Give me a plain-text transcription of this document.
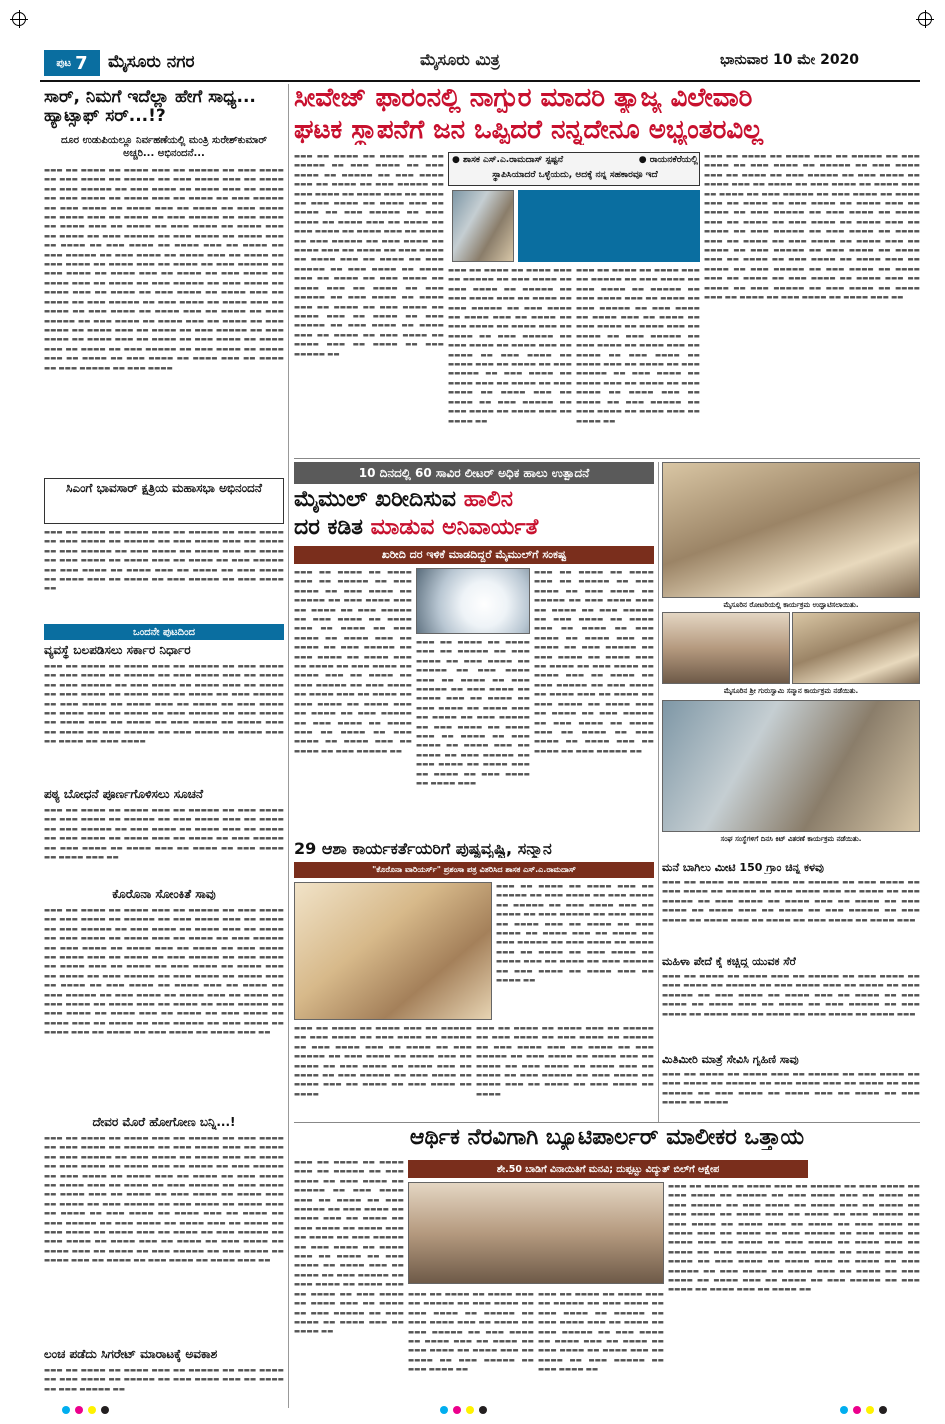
ಪುಟ 7 ಮೈಸೂರು ನಗರ	ಮೈಸೂರು ಮಿತ್ರ	ಭಾನುವಾರ 10 ಮೇ 2020
ಸಾರ್, ನಿಮಗೆ ಇದೆಲ್ಲಾ ಹೇಗೆ ಸಾಧ್ಯ... ಹ್ಯಾಟ್ಸಾಫ್ ಸರ್...!?
ದೂರ ಉಡುಪಿಯಲ್ಲೂ ನಿರ್ವಹಣೆಯಲ್ಲಿ ಮಂತ್ರಿ ಸುರೇಶ್‌ಕುಮಾರ್ ಅಚ್ಚರಿ... ಅಭಿನಂದನೆ...
▬▬▬ ▬▬ ▬▬▬▬ ▬▬ ▬▬▬▬ ▬▬▬ ▬▬ ▬▬▬▬▬ ▬▬ ▬▬▬ ▬▬▬▬ ▬▬ ▬▬▬ ▬▬▬▬ ▬▬ ▬▬▬▬▬ ▬▬ ▬▬▬ ▬▬▬▬ ▬▬▬ ▬▬ ▬▬▬▬ ▬▬ ▬▬▬ ▬▬▬▬▬ ▬▬ ▬▬▬ ▬▬▬▬ ▬▬ ▬▬▬▬ ▬▬▬ ▬▬ ▬▬▬▬ ▬▬ ▬▬▬ ▬▬▬▬ ▬▬ ▬▬▬▬ ▬▬▬ ▬▬ ▬▬▬▬ ▬▬ ▬▬▬ ▬▬▬▬▬ ▬▬ ▬▬▬ ▬▬▬▬ ▬▬ ▬▬▬▬ ▬▬▬ ▬▬ ▬▬▬▬ ▬▬ ▬▬▬ ▬▬▬▬ ▬▬ ▬▬▬▬ ▬▬▬ ▬▬ ▬▬▬▬ ▬▬ ▬▬▬ ▬▬▬▬▬ ▬▬ ▬▬▬ ▬▬▬▬ ▬▬ ▬▬▬▬ ▬▬▬ ▬▬ ▬▬▬▬ ▬▬ ▬▬▬ ▬▬▬▬ ▬▬ ▬▬▬▬ ▬▬▬ ▬▬ ▬▬▬▬ ▬▬ ▬▬▬ ▬▬▬▬▬ ▬▬ ▬▬▬ ▬▬▬▬ ▬▬ ▬▬▬▬ ▬▬▬ ▬▬ ▬▬▬▬ ▬▬ ▬▬▬ ▬▬▬▬ ▬▬ ▬▬▬▬ ▬▬▬ ▬▬ ▬▬▬▬ ▬▬ ▬▬▬ ▬▬▬▬▬ ▬▬ ▬▬▬ ▬▬▬▬ ▬▬ ▬▬▬▬ ▬▬▬ ▬▬ ▬▬▬▬ ▬▬ ▬▬▬ ▬▬▬▬ ▬▬ ▬▬▬▬ ▬▬▬ ▬▬ ▬▬▬▬ ▬▬ ▬▬▬ ▬▬▬▬▬ ▬▬ ▬▬▬ ▬▬▬▬ ▬▬ ▬▬▬▬ ▬▬▬ ▬▬ ▬▬▬▬ ▬▬ ▬▬▬ ▬▬▬▬ ▬▬ ▬▬▬▬ ▬▬▬ ▬▬ ▬▬▬▬ ▬▬ ▬▬▬ ▬▬▬▬▬ ▬▬ ▬▬▬ ▬▬▬▬ ▬▬ ▬▬▬▬ ▬▬▬ ▬▬ ▬▬▬▬ ▬▬ ▬▬▬ ▬▬▬▬ ▬▬ ▬▬▬▬ ▬▬▬ ▬▬ ▬▬▬▬ ▬▬ ▬▬▬ ▬▬▬▬▬ ▬▬ ▬▬▬ ▬▬▬▬ ▬▬ ▬▬▬▬ ▬▬▬ ▬▬ ▬▬▬▬ ▬▬ ▬▬▬ ▬▬▬▬ ▬▬ ▬▬▬▬ ▬▬▬ ▬▬ ▬▬▬▬ ▬▬ ▬▬▬ ▬▬▬▬▬ ▬▬ ▬▬▬ ▬▬▬▬ ▬▬ ▬▬▬▬ ▬▬▬ ▬▬ ▬▬▬▬ ▬▬ ▬▬▬ ▬▬▬▬ ▬▬ ▬▬▬▬ ▬▬▬ ▬▬ ▬▬▬▬ ▬▬ ▬▬▬ ▬▬▬▬▬ ▬▬ ▬▬▬ ▬▬▬▬ ▬▬ ▬▬▬▬ ▬▬▬ ▬▬ ▬▬▬▬ ▬▬ ▬▬▬ ▬▬▬▬ ▬▬ ▬▬▬▬ ▬▬▬ ▬▬ ▬▬▬▬ ▬▬ ▬▬▬ ▬▬▬▬▬ ▬▬ ▬▬▬ ▬▬▬▬ ▬▬ ▬▬▬▬ ▬▬▬ ▬▬ ▬▬▬▬ ▬▬ ▬▬▬ ▬▬▬▬ ▬▬ ▬▬▬▬ ▬▬▬ ▬▬ ▬▬▬▬ ▬▬ ▬▬▬ ▬▬▬▬▬ ▬▬ ▬▬▬ ▬▬▬▬
ಸಿಎಂಗೆ ಭಾವಸಾರ್ ಕ್ಷತ್ರಿಯ ಮಹಾಸಭಾ ಅಭಿನಂದನೆ
▬▬▬ ▬▬ ▬▬▬▬ ▬▬ ▬▬▬▬ ▬▬▬ ▬▬ ▬▬▬▬▬ ▬▬ ▬▬▬ ▬▬▬▬ ▬▬ ▬▬▬ ▬▬▬▬ ▬▬ ▬▬▬▬▬ ▬▬ ▬▬▬ ▬▬▬▬ ▬▬▬ ▬▬ ▬▬▬▬ ▬▬ ▬▬▬ ▬▬▬▬▬ ▬▬ ▬▬▬ ▬▬▬▬ ▬▬ ▬▬▬▬ ▬▬▬ ▬▬ ▬▬▬▬ ▬▬ ▬▬▬ ▬▬▬▬ ▬▬ ▬▬▬▬ ▬▬▬ ▬▬ ▬▬▬▬ ▬▬ ▬▬▬ ▬▬▬▬▬ ▬▬ ▬▬▬ ▬▬▬▬ ▬▬ ▬▬▬▬ ▬▬▬ ▬▬ ▬▬▬▬ ▬▬ ▬▬▬ ▬▬▬▬ ▬▬ ▬▬▬▬ ▬▬▬ ▬▬ ▬▬▬▬ ▬▬ ▬▬▬ ▬▬▬▬▬ ▬▬ ▬▬▬ ▬▬▬▬ ▬▬
ಒಂದನೇ ಪುಟದಿಂದ
ವ್ಯವಸ್ಥೆ ಬಲಪಡಿಸಲು ಸರ್ಕಾರ ನಿರ್ಧಾರ
▬▬▬ ▬▬ ▬▬▬▬ ▬▬ ▬▬▬▬ ▬▬▬ ▬▬ ▬▬▬▬▬ ▬▬ ▬▬▬ ▬▬▬▬ ▬▬ ▬▬▬ ▬▬▬▬ ▬▬ ▬▬▬▬▬ ▬▬ ▬▬▬ ▬▬▬▬ ▬▬▬ ▬▬ ▬▬▬▬ ▬▬ ▬▬▬ ▬▬▬▬▬ ▬▬ ▬▬▬ ▬▬▬▬ ▬▬ ▬▬▬▬ ▬▬▬ ▬▬ ▬▬▬▬ ▬▬ ▬▬▬ ▬▬▬▬ ▬▬ ▬▬▬▬ ▬▬▬ ▬▬ ▬▬▬▬ ▬▬ ▬▬▬ ▬▬▬▬▬ ▬▬ ▬▬▬ ▬▬▬▬ ▬▬ ▬▬▬▬ ▬▬▬ ▬▬ ▬▬▬▬ ▬▬ ▬▬▬ ▬▬▬▬ ▬▬ ▬▬▬▬ ▬▬▬ ▬▬ ▬▬▬▬ ▬▬ ▬▬▬ ▬▬▬▬▬ ▬▬ ▬▬▬ ▬▬▬▬ ▬▬ ▬▬▬▬ ▬▬▬ ▬▬ ▬▬▬▬ ▬▬ ▬▬▬ ▬▬▬▬ ▬▬ ▬▬▬▬ ▬▬▬ ▬▬ ▬▬▬▬ ▬▬ ▬▬▬ ▬▬▬▬▬ ▬▬ ▬▬▬ ▬▬▬▬ ▬▬ ▬▬▬▬ ▬▬▬ ▬▬ ▬▬▬▬ ▬▬ ▬▬▬ ▬▬▬▬
ಪಠ್ಯ ಬೋಧನೆ ಪೂರ್ಣಗೊಳಿಸಲು ಸೂಚನೆ
▬▬▬ ▬▬ ▬▬▬▬ ▬▬ ▬▬▬▬ ▬▬▬ ▬▬ ▬▬▬▬▬ ▬▬ ▬▬▬ ▬▬▬▬ ▬▬ ▬▬▬ ▬▬▬▬ ▬▬ ▬▬▬▬▬ ▬▬ ▬▬▬ ▬▬▬▬ ▬▬▬ ▬▬ ▬▬▬▬ ▬▬ ▬▬▬ ▬▬▬▬▬ ▬▬ ▬▬▬ ▬▬▬▬ ▬▬ ▬▬▬▬ ▬▬▬ ▬▬ ▬▬▬▬ ▬▬ ▬▬▬ ▬▬▬▬ ▬▬ ▬▬▬▬ ▬▬▬ ▬▬ ▬▬▬▬ ▬▬ ▬▬▬ ▬▬▬▬▬ ▬▬ ▬▬▬ ▬▬▬▬ ▬▬ ▬▬▬▬ ▬▬▬ ▬▬ ▬▬▬▬ ▬▬ ▬▬▬ ▬▬▬▬ ▬▬ ▬▬▬▬ ▬▬▬ ▬▬
ಕೊರೊನಾ ಸೋಂಕಿತೆ ಸಾವು
▬▬▬ ▬▬ ▬▬▬▬ ▬▬ ▬▬▬▬ ▬▬▬ ▬▬ ▬▬▬▬▬ ▬▬ ▬▬▬ ▬▬▬▬ ▬▬ ▬▬▬ ▬▬▬▬ ▬▬ ▬▬▬▬▬ ▬▬ ▬▬▬ ▬▬▬▬ ▬▬▬ ▬▬ ▬▬▬▬ ▬▬ ▬▬▬ ▬▬▬▬▬ ▬▬ ▬▬▬ ▬▬▬▬ ▬▬ ▬▬▬▬ ▬▬▬ ▬▬ ▬▬▬▬ ▬▬ ▬▬▬ ▬▬▬▬ ▬▬ ▬▬▬▬ ▬▬▬ ▬▬ ▬▬▬▬ ▬▬ ▬▬▬ ▬▬▬▬▬ ▬▬ ▬▬▬ ▬▬▬▬ ▬▬ ▬▬▬▬ ▬▬▬ ▬▬ ▬▬▬▬ ▬▬ ▬▬▬ ▬▬▬▬ ▬▬ ▬▬▬▬ ▬▬▬ ▬▬ ▬▬▬▬ ▬▬ ▬▬▬ ▬▬▬▬▬ ▬▬ ▬▬▬ ▬▬▬▬ ▬▬ ▬▬▬▬ ▬▬▬ ▬▬ ▬▬▬▬ ▬▬ ▬▬▬ ▬▬▬▬ ▬▬ ▬▬▬▬ ▬▬▬ ▬▬ ▬▬▬▬ ▬▬ ▬▬▬ ▬▬▬▬▬ ▬▬ ▬▬▬ ▬▬▬▬ ▬▬ ▬▬▬▬ ▬▬▬ ▬▬ ▬▬▬▬ ▬▬ ▬▬▬ ▬▬▬▬ ▬▬ ▬▬▬▬ ▬▬▬ ▬▬ ▬▬▬▬ ▬▬ ▬▬▬ ▬▬▬▬▬ ▬▬ ▬▬▬ ▬▬▬▬ ▬▬ ▬▬▬▬ ▬▬▬ ▬▬ ▬▬▬▬ ▬▬ ▬▬▬ ▬▬▬▬ ▬▬ ▬▬▬▬ ▬▬▬ ▬▬ ▬▬▬▬ ▬▬ ▬▬▬ ▬▬▬▬▬ ▬▬ ▬▬▬ ▬▬▬▬ ▬▬ ▬▬▬▬ ▬▬▬ ▬▬ ▬▬▬▬ ▬▬ ▬▬▬ ▬▬▬▬ ▬▬ ▬▬▬▬ ▬▬▬ ▬▬ ▬▬▬▬ ▬▬ ▬▬▬ ▬▬▬▬▬ ▬▬ ▬▬▬ ▬▬▬▬ ▬▬ ▬▬▬▬ ▬▬▬ ▬▬ ▬▬▬▬ ▬▬ ▬▬▬ ▬▬▬▬ ▬▬ ▬▬▬▬ ▬▬▬ ▬▬
ದೇವರ ಮೊರೆ ಹೋಗೋಣ ಬನ್ನಿ...!
▬▬▬ ▬▬ ▬▬▬▬ ▬▬ ▬▬▬▬ ▬▬▬ ▬▬ ▬▬▬▬▬ ▬▬ ▬▬▬ ▬▬▬▬ ▬▬ ▬▬▬ ▬▬▬▬ ▬▬ ▬▬▬▬▬ ▬▬ ▬▬▬ ▬▬▬▬ ▬▬▬ ▬▬ ▬▬▬▬ ▬▬ ▬▬▬ ▬▬▬▬▬ ▬▬ ▬▬▬ ▬▬▬▬ ▬▬ ▬▬▬▬ ▬▬▬ ▬▬ ▬▬▬▬ ▬▬ ▬▬▬ ▬▬▬▬ ▬▬ ▬▬▬▬ ▬▬▬ ▬▬ ▬▬▬▬ ▬▬ ▬▬▬ ▬▬▬▬▬ ▬▬ ▬▬▬ ▬▬▬▬ ▬▬ ▬▬▬▬ ▬▬▬ ▬▬ ▬▬▬▬ ▬▬ ▬▬▬ ▬▬▬▬ ▬▬ ▬▬▬▬ ▬▬▬ ▬▬ ▬▬▬▬ ▬▬ ▬▬▬ ▬▬▬▬▬ ▬▬ ▬▬▬ ▬▬▬▬ ▬▬ ▬▬▬▬ ▬▬▬ ▬▬ ▬▬▬▬ ▬▬ ▬▬▬ ▬▬▬▬ ▬▬ ▬▬▬▬ ▬▬▬ ▬▬ ▬▬▬▬ ▬▬ ▬▬▬ ▬▬▬▬▬ ▬▬ ▬▬▬ ▬▬▬▬ ▬▬ ▬▬▬▬ ▬▬▬ ▬▬ ▬▬▬▬ ▬▬ ▬▬▬ ▬▬▬▬ ▬▬ ▬▬▬▬ ▬▬▬ ▬▬ ▬▬▬▬ ▬▬ ▬▬▬ ▬▬▬▬▬ ▬▬ ▬▬▬ ▬▬▬▬ ▬▬ ▬▬▬▬ ▬▬▬ ▬▬ ▬▬▬▬ ▬▬ ▬▬▬ ▬▬▬▬ ▬▬ ▬▬▬▬ ▬▬▬ ▬▬ ▬▬▬▬ ▬▬ ▬▬▬ ▬▬▬▬▬ ▬▬ ▬▬▬ ▬▬▬▬ ▬▬ ▬▬▬▬ ▬▬▬ ▬▬ ▬▬▬▬ ▬▬ ▬▬▬ ▬▬▬▬ ▬▬ ▬▬▬▬ ▬▬▬ ▬▬ ▬▬▬▬ ▬▬ ▬▬▬ ▬▬▬▬▬ ▬▬ ▬▬▬ ▬▬▬▬ ▬▬ ▬▬▬▬ ▬▬▬ ▬▬ ▬▬▬▬ ▬▬ ▬▬▬ ▬▬▬▬ ▬▬ ▬▬▬▬ ▬▬▬ ▬▬
ಲಂಚ ಪಡೆದು ಸಿಗರೇಟ್ ಮಾರಾಟಕ್ಕೆ ಅವಕಾಶ
▬▬▬ ▬▬ ▬▬▬▬ ▬▬ ▬▬▬▬ ▬▬▬ ▬▬ ▬▬▬▬▬ ▬▬ ▬▬▬ ▬▬▬▬ ▬▬ ▬▬▬ ▬▬▬▬ ▬▬ ▬▬▬▬▬ ▬▬ ▬▬▬ ▬▬▬▬ ▬▬▬ ▬▬ ▬▬▬▬ ▬▬ ▬▬▬ ▬▬▬▬▬ ▬▬
ಸೀವೇಜ್ ಫಾರಂನಲ್ಲಿ ನಾಗ್ಪುರ ಮಾದರಿ ತ್ಯಾಜ್ಯ ವಿಲೇವಾರಿ
ಘಟಕ ಸ್ಥಾಪನೆಗೆ ಜನ ಒಪ್ಪಿದರೆ ನನ್ನದೇನೂ ಅಭ್ಯಂತರವಿಲ್ಲ
▬▬▬ ▬▬ ▬▬▬▬ ▬▬ ▬▬▬▬ ▬▬▬ ▬▬ ▬▬▬▬▬ ▬▬ ▬▬▬ ▬▬▬▬ ▬▬ ▬▬▬ ▬▬▬▬ ▬▬ ▬▬▬▬▬ ▬▬ ▬▬▬ ▬▬▬▬ ▬▬▬ ▬▬ ▬▬▬▬ ▬▬ ▬▬▬ ▬▬▬▬▬ ▬▬ ▬▬▬ ▬▬▬▬ ▬▬ ▬▬▬▬ ▬▬▬ ▬▬ ▬▬▬▬ ▬▬ ▬▬▬ ▬▬▬▬ ▬▬ ▬▬▬▬ ▬▬▬ ▬▬ ▬▬▬▬ ▬▬ ▬▬▬ ▬▬▬▬▬ ▬▬ ▬▬▬ ▬▬▬▬ ▬▬ ▬▬▬▬ ▬▬▬ ▬▬ ▬▬▬▬ ▬▬ ▬▬▬ ▬▬▬▬ ▬▬ ▬▬▬▬ ▬▬▬ ▬▬ ▬▬▬▬ ▬▬ ▬▬▬ ▬▬▬▬▬ ▬▬ ▬▬▬ ▬▬▬▬ ▬▬ ▬▬▬▬ ▬▬▬ ▬▬ ▬▬▬▬ ▬▬ ▬▬▬ ▬▬▬▬ ▬▬ ▬▬▬▬ ▬▬▬ ▬▬ ▬▬▬▬ ▬▬ ▬▬▬ ▬▬▬▬▬ ▬▬ ▬▬▬ ▬▬▬▬ ▬▬ ▬▬▬▬ ▬▬▬ ▬▬ ▬▬▬▬ ▬▬ ▬▬▬ ▬▬▬▬ ▬▬ ▬▬▬▬ ▬▬▬ ▬▬ ▬▬▬▬ ▬▬ ▬▬▬ ▬▬▬▬▬ ▬▬ ▬▬▬ ▬▬▬▬ ▬▬ ▬▬▬▬ ▬▬▬ ▬▬ ▬▬▬▬ ▬▬ ▬▬▬ ▬▬▬▬ ▬▬ ▬▬▬▬ ▬▬▬ ▬▬ ▬▬▬▬ ▬▬ ▬▬▬ ▬▬▬▬▬ ▬▬ ▬▬▬ ▬▬▬▬ ▬▬ ▬▬▬▬ ▬▬▬ ▬▬ ▬▬▬▬ ▬▬ ▬▬▬ ▬▬▬▬ ▬▬ ▬▬▬▬ ▬▬▬ ▬▬ ▬▬▬▬ ▬▬ ▬▬▬ ▬▬▬▬▬ ▬▬
● ಶಾಸಕ ಎಸ್.ಎ.ರಾಮದಾಸ್ ಸ್ಪಷ್ಟನೆ	● ರಾಯನಕೆರೆಯಲ್ಲಿ
ಸ್ಥಾಪಿಸಿಯಾದರೆ ಒಳ್ಳೆಯದು, ಅದಕ್ಕೆ ನನ್ನ ಸಹಕಾರವೂ ಇದೆ
▬▬▬ ▬▬ ▬▬▬▬ ▬▬ ▬▬▬▬ ▬▬▬ ▬▬ ▬▬▬▬▬ ▬▬ ▬▬▬ ▬▬▬▬ ▬▬ ▬▬▬ ▬▬▬▬ ▬▬ ▬▬▬▬▬ ▬▬ ▬▬▬ ▬▬▬▬ ▬▬▬ ▬▬ ▬▬▬▬ ▬▬ ▬▬▬ ▬▬▬▬▬ ▬▬ ▬▬▬ ▬▬▬▬ ▬▬ ▬▬▬▬ ▬▬▬ ▬▬ ▬▬▬▬ ▬▬ ▬▬▬ ▬▬▬▬ ▬▬ ▬▬▬▬ ▬▬▬ ▬▬ ▬▬▬▬ ▬▬ ▬▬▬ ▬▬▬▬▬ ▬▬ ▬▬▬ ▬▬▬▬ ▬▬ ▬▬▬▬ ▬▬▬ ▬▬ ▬▬▬▬ ▬▬ ▬▬▬ ▬▬▬▬ ▬▬ ▬▬▬▬ ▬▬▬ ▬▬ ▬▬▬▬ ▬▬ ▬▬▬ ▬▬▬▬▬ ▬▬ ▬▬▬ ▬▬▬▬ ▬▬ ▬▬▬▬ ▬▬▬ ▬▬ ▬▬▬▬ ▬▬ ▬▬▬ ▬▬▬▬ ▬▬ ▬▬▬▬ ▬▬▬ ▬▬ ▬▬▬▬ ▬▬ ▬▬▬ ▬▬▬▬▬ ▬▬ ▬▬▬ ▬▬▬▬ ▬▬ ▬▬▬▬ ▬▬▬ ▬▬ ▬▬▬▬ ▬▬
▬▬▬ ▬▬ ▬▬▬▬ ▬▬ ▬▬▬▬ ▬▬▬ ▬▬ ▬▬▬▬▬ ▬▬ ▬▬▬ ▬▬▬▬ ▬▬ ▬▬▬ ▬▬▬▬ ▬▬ ▬▬▬▬▬ ▬▬ ▬▬▬ ▬▬▬▬ ▬▬▬ ▬▬ ▬▬▬▬ ▬▬ ▬▬▬ ▬▬▬▬▬ ▬▬ ▬▬▬ ▬▬▬▬ ▬▬ ▬▬▬▬ ▬▬▬ ▬▬ ▬▬▬▬ ▬▬ ▬▬▬ ▬▬▬▬ ▬▬ ▬▬▬▬ ▬▬▬ ▬▬ ▬▬▬▬ ▬▬ ▬▬▬ ▬▬▬▬▬ ▬▬ ▬▬▬ ▬▬▬▬ ▬▬ ▬▬▬▬ ▬▬▬ ▬▬ ▬▬▬▬ ▬▬ ▬▬▬ ▬▬▬▬ ▬▬ ▬▬▬▬ ▬▬▬ ▬▬ ▬▬▬▬ ▬▬ ▬▬▬ ▬▬▬▬▬ ▬▬ ▬▬▬ ▬▬▬▬ ▬▬ ▬▬▬▬ ▬▬▬ ▬▬ ▬▬▬▬ ▬▬ ▬▬▬ ▬▬▬▬ ▬▬ ▬▬▬▬ ▬▬▬ ▬▬ ▬▬▬▬ ▬▬ ▬▬▬ ▬▬▬▬▬ ▬▬ ▬▬▬ ▬▬▬▬ ▬▬ ▬▬▬▬ ▬▬▬ ▬▬ ▬▬▬▬ ▬▬
▬▬▬ ▬▬ ▬▬▬▬ ▬▬ ▬▬▬▬ ▬▬▬ ▬▬ ▬▬▬▬▬ ▬▬ ▬▬▬ ▬▬▬▬ ▬▬ ▬▬▬ ▬▬▬▬ ▬▬ ▬▬▬▬▬ ▬▬ ▬▬▬ ▬▬▬▬ ▬▬▬ ▬▬ ▬▬▬▬ ▬▬ ▬▬▬ ▬▬▬▬▬ ▬▬ ▬▬▬ ▬▬▬▬ ▬▬ ▬▬▬▬ ▬▬▬ ▬▬ ▬▬▬▬ ▬▬ ▬▬▬ ▬▬▬▬ ▬▬ ▬▬▬▬ ▬▬▬ ▬▬ ▬▬▬▬ ▬▬ ▬▬▬ ▬▬▬▬▬ ▬▬ ▬▬▬ ▬▬▬▬ ▬▬ ▬▬▬▬ ▬▬▬ ▬▬ ▬▬▬▬ ▬▬ ▬▬▬ ▬▬▬▬ ▬▬ ▬▬▬▬ ▬▬▬ ▬▬ ▬▬▬▬ ▬▬ ▬▬▬ ▬▬▬▬▬ ▬▬ ▬▬▬ ▬▬▬▬ ▬▬ ▬▬▬▬ ▬▬▬ ▬▬ ▬▬▬▬ ▬▬ ▬▬▬ ▬▬▬▬ ▬▬ ▬▬▬▬ ▬▬▬ ▬▬ ▬▬▬▬ ▬▬ ▬▬▬ ▬▬▬▬▬ ▬▬ ▬▬▬ ▬▬▬▬ ▬▬ ▬▬▬▬ ▬▬▬ ▬▬ ▬▬▬▬ ▬▬ ▬▬▬ ▬▬▬▬ ▬▬ ▬▬▬▬ ▬▬▬ ▬▬ ▬▬▬▬ ▬▬ ▬▬▬ ▬▬▬▬▬ ▬▬ ▬▬▬ ▬▬▬▬ ▬▬ ▬▬▬▬ ▬▬▬ ▬▬ ▬▬▬▬ ▬▬ ▬▬▬ ▬▬▬▬ ▬▬ ▬▬▬▬ ▬▬▬ ▬▬ ▬▬▬▬ ▬▬ ▬▬▬ ▬▬▬▬▬ ▬▬ ▬▬▬ ▬▬▬▬ ▬▬ ▬▬▬▬ ▬▬▬ ▬▬ ▬▬▬▬ ▬▬ ▬▬▬ ▬▬▬▬ ▬▬ ▬▬▬▬ ▬▬▬ ▬▬ ▬▬▬▬ ▬▬ ▬▬▬ ▬▬▬▬▬ ▬▬ ▬▬▬ ▬▬▬▬ ▬▬ ▬▬▬▬ ▬▬▬ ▬▬ ▬▬▬▬ ▬▬ ▬▬▬ ▬▬▬▬ ▬▬ ▬▬▬▬ ▬▬▬ ▬▬
10 ದಿನದಲ್ಲಿ 60 ಸಾವಿರ ಲೀಟರ್ ಅಧಿಕ ಹಾಲು ಉತ್ಪಾದನೆ
ಮೈಮುಲ್ ಖರೀದಿಸುವ ಹಾಲಿನ
ದರ ಕಡಿತ ಮಾಡುವ ಅನಿವಾರ್ಯತೆ
ಖರೀದಿ ದರ ಇಳಿಕೆ ಮಾಡದಿದ್ದರೆ ಮೈಮುಲ್‌ಗೆ ಸಂಕಷ್ಟ
▬▬▬ ▬▬ ▬▬▬▬ ▬▬ ▬▬▬▬ ▬▬▬ ▬▬ ▬▬▬▬▬ ▬▬ ▬▬▬ ▬▬▬▬ ▬▬ ▬▬▬ ▬▬▬▬ ▬▬ ▬▬▬▬▬ ▬▬ ▬▬▬ ▬▬▬▬ ▬▬▬ ▬▬ ▬▬▬▬ ▬▬ ▬▬▬ ▬▬▬▬▬ ▬▬ ▬▬▬ ▬▬▬▬ ▬▬ ▬▬▬▬ ▬▬▬ ▬▬ ▬▬▬▬ ▬▬ ▬▬▬ ▬▬▬▬ ▬▬ ▬▬▬▬ ▬▬▬ ▬▬ ▬▬▬▬ ▬▬ ▬▬▬ ▬▬▬▬▬ ▬▬ ▬▬▬ ▬▬▬▬ ▬▬ ▬▬▬▬ ▬▬▬ ▬▬ ▬▬▬▬ ▬▬ ▬▬▬ ▬▬▬▬ ▬▬ ▬▬▬▬ ▬▬▬ ▬▬ ▬▬▬▬ ▬▬ ▬▬▬ ▬▬▬▬▬ ▬▬ ▬▬▬ ▬▬▬▬ ▬▬ ▬▬▬▬ ▬▬▬ ▬▬ ▬▬▬▬ ▬▬ ▬▬▬ ▬▬▬▬ ▬▬ ▬▬▬▬ ▬▬▬ ▬▬ ▬▬▬▬ ▬▬ ▬▬▬ ▬▬▬▬▬ ▬▬ ▬▬▬ ▬▬▬▬ ▬▬ ▬▬▬▬ ▬▬▬ ▬▬ ▬▬▬▬ ▬▬ ▬▬▬ ▬▬▬▬ ▬▬ ▬▬▬▬ ▬▬▬ ▬▬ ▬▬▬▬ ▬▬ ▬▬▬ ▬▬▬▬▬ ▬▬
▬▬▬ ▬▬ ▬▬▬▬ ▬▬ ▬▬▬▬ ▬▬▬ ▬▬ ▬▬▬▬▬ ▬▬ ▬▬▬ ▬▬▬▬ ▬▬ ▬▬▬ ▬▬▬▬ ▬▬ ▬▬▬▬▬ ▬▬ ▬▬▬ ▬▬▬▬ ▬▬▬ ▬▬ ▬▬▬▬ ▬▬ ▬▬▬ ▬▬▬▬▬ ▬▬ ▬▬▬ ▬▬▬▬ ▬▬ ▬▬▬▬ ▬▬▬ ▬▬ ▬▬▬▬ ▬▬ ▬▬▬ ▬▬▬▬ ▬▬ ▬▬▬▬ ▬▬▬ ▬▬ ▬▬▬▬ ▬▬ ▬▬▬ ▬▬▬▬▬ ▬▬ ▬▬▬ ▬▬▬▬ ▬▬ ▬▬▬▬ ▬▬▬ ▬▬ ▬▬▬▬ ▬▬ ▬▬▬ ▬▬▬▬ ▬▬ ▬▬▬▬ ▬▬▬ ▬▬ ▬▬▬▬ ▬▬ ▬▬▬ ▬▬▬▬▬ ▬▬ ▬▬▬ ▬▬▬▬ ▬▬ ▬▬▬▬ ▬▬▬ ▬▬ ▬▬▬▬ ▬▬ ▬▬▬ ▬▬▬▬ ▬▬ ▬▬▬▬ ▬▬▬
▬▬▬ ▬▬ ▬▬▬▬ ▬▬ ▬▬▬▬ ▬▬▬ ▬▬ ▬▬▬▬▬ ▬▬ ▬▬▬ ▬▬▬▬ ▬▬ ▬▬▬ ▬▬▬▬ ▬▬ ▬▬▬▬▬ ▬▬ ▬▬▬ ▬▬▬▬ ▬▬▬ ▬▬ ▬▬▬▬ ▬▬ ▬▬▬ ▬▬▬▬▬ ▬▬ ▬▬▬ ▬▬▬▬ ▬▬ ▬▬▬▬ ▬▬▬ ▬▬ ▬▬▬▬ ▬▬ ▬▬▬ ▬▬▬▬ ▬▬ ▬▬▬▬ ▬▬▬ ▬▬ ▬▬▬▬ ▬▬ ▬▬▬ ▬▬▬▬▬ ▬▬ ▬▬▬ ▬▬▬▬ ▬▬ ▬▬▬▬ ▬▬▬ ▬▬ ▬▬▬▬ ▬▬ ▬▬▬ ▬▬▬▬ ▬▬ ▬▬▬▬ ▬▬▬ ▬▬ ▬▬▬▬ ▬▬ ▬▬▬ ▬▬▬▬▬ ▬▬ ▬▬▬ ▬▬▬▬ ▬▬ ▬▬▬▬ ▬▬▬ ▬▬ ▬▬▬▬ ▬▬ ▬▬▬ ▬▬▬▬ ▬▬ ▬▬▬▬ ▬▬▬ ▬▬ ▬▬▬▬ ▬▬ ▬▬▬ ▬▬▬▬▬ ▬▬ ▬▬▬ ▬▬▬▬ ▬▬ ▬▬▬▬ ▬▬▬ ▬▬ ▬▬▬▬ ▬▬ ▬▬▬ ▬▬▬▬ ▬▬ ▬▬▬▬ ▬▬▬ ▬▬ ▬▬▬▬ ▬▬ ▬▬▬ ▬▬▬▬▬ ▬▬
29 ಆಶಾ ಕಾರ್ಯಕರ್ತೆಯರಿಗೆ ಪುಷ್ಪವೃಷ್ಟಿ, ಸನ್ಮಾನ
"ಕೊರೊನಾ ವಾರಿಯರ್ಸ್" ಪ್ರಶಂಸಾ ಪತ್ರ ವಿತರಿಸಿದ ಶಾಸಕ ಎಸ್.ಎ.ರಾಮದಾಸ್
▬▬▬ ▬▬ ▬▬▬▬ ▬▬ ▬▬▬▬ ▬▬▬ ▬▬ ▬▬▬▬▬ ▬▬ ▬▬▬ ▬▬▬▬ ▬▬ ▬▬▬ ▬▬▬▬ ▬▬ ▬▬▬▬▬ ▬▬ ▬▬▬ ▬▬▬▬ ▬▬▬ ▬▬ ▬▬▬▬ ▬▬ ▬▬▬ ▬▬▬▬▬ ▬▬ ▬▬▬ ▬▬▬▬ ▬▬ ▬▬▬▬ ▬▬▬ ▬▬ ▬▬▬▬ ▬▬ ▬▬▬ ▬▬▬▬ ▬▬ ▬▬▬▬ ▬▬▬ ▬▬ ▬▬▬▬ ▬▬ ▬▬▬ ▬▬▬▬▬ ▬▬ ▬▬▬ ▬▬▬▬ ▬▬ ▬▬▬▬ ▬▬▬ ▬▬ ▬▬▬▬ ▬▬ ▬▬▬ ▬▬▬▬ ▬▬ ▬▬▬▬ ▬▬▬ ▬▬ ▬▬▬▬ ▬▬ ▬▬▬ ▬▬▬▬▬ ▬▬ ▬▬▬ ▬▬▬▬ ▬▬ ▬▬▬▬ ▬▬▬ ▬▬ ▬▬▬▬ ▬▬
▬▬▬ ▬▬ ▬▬▬▬ ▬▬ ▬▬▬▬ ▬▬▬ ▬▬ ▬▬▬▬▬ ▬▬ ▬▬▬ ▬▬▬▬ ▬▬ ▬▬▬ ▬▬▬▬ ▬▬ ▬▬▬▬▬ ▬▬ ▬▬▬ ▬▬▬▬ ▬▬▬ ▬▬ ▬▬▬▬ ▬▬ ▬▬▬ ▬▬▬▬▬ ▬▬ ▬▬▬ ▬▬▬▬ ▬▬ ▬▬▬▬ ▬▬▬ ▬▬ ▬▬▬▬ ▬▬ ▬▬▬ ▬▬▬▬ ▬▬ ▬▬▬▬ ▬▬▬ ▬▬ ▬▬▬▬ ▬▬ ▬▬▬ ▬▬▬▬▬ ▬▬ ▬▬▬ ▬▬▬▬ ▬▬ ▬▬▬▬ ▬▬▬ ▬▬ ▬▬▬▬ ▬▬ ▬▬▬ ▬▬▬▬ ▬▬ ▬▬▬▬
▬▬▬ ▬▬ ▬▬▬▬ ▬▬ ▬▬▬▬ ▬▬▬ ▬▬ ▬▬▬▬▬ ▬▬ ▬▬▬ ▬▬▬▬ ▬▬ ▬▬▬ ▬▬▬▬ ▬▬ ▬▬▬▬▬ ▬▬ ▬▬▬ ▬▬▬▬ ▬▬▬ ▬▬ ▬▬▬▬ ▬▬ ▬▬▬ ▬▬▬▬▬ ▬▬ ▬▬▬ ▬▬▬▬ ▬▬ ▬▬▬▬ ▬▬▬ ▬▬ ▬▬▬▬ ▬▬ ▬▬▬ ▬▬▬▬ ▬▬ ▬▬▬▬ ▬▬▬ ▬▬ ▬▬▬▬ ▬▬ ▬▬▬ ▬▬▬▬▬ ▬▬ ▬▬▬ ▬▬▬▬ ▬▬ ▬▬▬▬ ▬▬▬ ▬▬ ▬▬▬▬ ▬▬ ▬▬▬ ▬▬▬▬ ▬▬ ▬▬▬▬
ಮೈಸೂರಿನ ರೋಟರಿಯಲ್ಲಿ ಕಾರ್ಯಕ್ರಮ ಉದ್ಘಾಟಿಸಲಾಯಿತು.
ಮೈಸೂರಿನ ಶ್ರೀ ಗುರುಸ್ವಾಮಿ ಸನ್ಮಾನ ಕಾರ್ಯಕ್ರಮ ನಡೆಯಿತು.
ಸಂಘ ಸಂಸ್ಥೆಗಳಿಗೆ ದಿನಸಿ ಕಿಟ್ ವಿತರಣೆ ಕಾರ್ಯಕ್ರಮ ನಡೆಯಿತು.
ಮನೆ ಬಾಗಿಲು ಮೀಟಿ 150 ಗ್ರಾಂ ಚಿನ್ನ ಕಳವು
▬▬▬ ▬▬ ▬▬▬▬ ▬▬ ▬▬▬▬ ▬▬▬ ▬▬ ▬▬▬▬▬ ▬▬ ▬▬▬ ▬▬▬▬ ▬▬ ▬▬▬ ▬▬▬▬ ▬▬ ▬▬▬▬▬ ▬▬ ▬▬▬ ▬▬▬▬ ▬▬▬ ▬▬ ▬▬▬▬ ▬▬ ▬▬▬ ▬▬▬▬▬ ▬▬ ▬▬▬ ▬▬▬▬ ▬▬ ▬▬▬▬ ▬▬▬ ▬▬ ▬▬▬▬ ▬▬ ▬▬▬ ▬▬▬▬ ▬▬ ▬▬▬▬ ▬▬▬ ▬▬ ▬▬▬▬ ▬▬ ▬▬▬ ▬▬▬▬▬ ▬▬ ▬▬▬ ▬▬▬▬ ▬▬ ▬▬▬▬ ▬▬▬ ▬▬ ▬▬▬▬ ▬▬ ▬▬▬ ▬▬▬▬ ▬▬ ▬▬▬▬ ▬▬▬
ಮಹಿಳಾ ಪೇದೆ ಕೈ ಕಚ್ಚಿದ್ದ ಯುವಕ ಸೆರೆ
▬▬▬ ▬▬ ▬▬▬▬ ▬▬ ▬▬▬▬ ▬▬▬ ▬▬ ▬▬▬▬▬ ▬▬ ▬▬▬ ▬▬▬▬ ▬▬ ▬▬▬ ▬▬▬▬ ▬▬ ▬▬▬▬▬ ▬▬ ▬▬▬ ▬▬▬▬ ▬▬▬ ▬▬ ▬▬▬▬ ▬▬ ▬▬▬ ▬▬▬▬▬ ▬▬ ▬▬▬ ▬▬▬▬ ▬▬ ▬▬▬▬ ▬▬▬ ▬▬ ▬▬▬▬ ▬▬ ▬▬▬ ▬▬▬▬ ▬▬ ▬▬▬▬ ▬▬▬ ▬▬ ▬▬▬▬ ▬▬ ▬▬▬ ▬▬▬▬▬ ▬▬ ▬▬▬ ▬▬▬▬ ▬▬ ▬▬▬▬ ▬▬▬ ▬▬ ▬▬▬▬ ▬▬ ▬▬▬ ▬▬▬▬ ▬▬ ▬▬▬▬ ▬▬▬
ಮಿತಿಮೀರಿ ಮಾತ್ರೆ ಸೇವಿಸಿ ಗೃಹಿಣಿ ಸಾವು
▬▬▬ ▬▬ ▬▬▬▬ ▬▬ ▬▬▬▬ ▬▬▬ ▬▬ ▬▬▬▬▬ ▬▬ ▬▬▬ ▬▬▬▬ ▬▬ ▬▬▬ ▬▬▬▬ ▬▬ ▬▬▬▬▬ ▬▬ ▬▬▬ ▬▬▬▬ ▬▬▬ ▬▬ ▬▬▬▬ ▬▬ ▬▬▬ ▬▬▬▬▬ ▬▬ ▬▬▬ ▬▬▬▬ ▬▬ ▬▬▬▬ ▬▬▬ ▬▬ ▬▬▬▬ ▬▬ ▬▬▬ ▬▬▬▬ ▬▬ ▬▬▬▬
ಆರ್ಥಿಕ ನೆರವಿಗಾಗಿ ಬ್ಯೂಟಿಪಾರ್ಲರ್ ಮಾಲೀಕರ ಒತ್ತಾಯ
▬▬▬ ▬▬ ▬▬▬▬ ▬▬ ▬▬▬▬ ▬▬▬ ▬▬ ▬▬▬▬▬ ▬▬ ▬▬▬ ▬▬▬▬ ▬▬ ▬▬▬ ▬▬▬▬ ▬▬ ▬▬▬▬▬ ▬▬ ▬▬▬ ▬▬▬▬ ▬▬▬ ▬▬ ▬▬▬▬ ▬▬ ▬▬▬ ▬▬▬▬▬ ▬▬ ▬▬▬ ▬▬▬▬ ▬▬ ▬▬▬▬ ▬▬▬ ▬▬ ▬▬▬▬ ▬▬ ▬▬▬ ▬▬▬▬ ▬▬ ▬▬▬▬ ▬▬▬ ▬▬ ▬▬▬▬ ▬▬ ▬▬▬ ▬▬▬▬▬ ▬▬ ▬▬▬ ▬▬▬▬ ▬▬ ▬▬▬▬ ▬▬▬ ▬▬ ▬▬▬▬ ▬▬ ▬▬▬ ▬▬▬▬ ▬▬ ▬▬▬▬ ▬▬▬ ▬▬ ▬▬▬▬ ▬▬ ▬▬▬ ▬▬▬▬▬ ▬▬ ▬▬▬ ▬▬▬▬ ▬▬ ▬▬▬▬ ▬▬▬ ▬▬ ▬▬▬▬ ▬▬ ▬▬▬ ▬▬▬▬ ▬▬ ▬▬▬▬ ▬▬▬ ▬▬ ▬▬▬▬ ▬▬ ▬▬▬ ▬▬▬▬▬ ▬▬ ▬▬▬ ▬▬▬▬ ▬▬ ▬▬▬▬ ▬▬▬ ▬▬ ▬▬▬▬ ▬▬
ಶೇ.50 ಬಾಡಿಗೆ ವಿನಾಯಿತಿಗೆ ಮನವಿ; ದುಪ್ಪಟ್ಟು ವಿದ್ಯುತ್ ಬಿಲ್‌ಗೆ ಆಕ್ಷೇಪ
▬▬▬ ▬▬ ▬▬▬▬ ▬▬ ▬▬▬▬ ▬▬▬ ▬▬ ▬▬▬▬▬ ▬▬ ▬▬▬ ▬▬▬▬ ▬▬ ▬▬▬ ▬▬▬▬ ▬▬ ▬▬▬▬▬ ▬▬ ▬▬▬ ▬▬▬▬ ▬▬▬ ▬▬ ▬▬▬▬ ▬▬ ▬▬▬ ▬▬▬▬▬ ▬▬ ▬▬▬ ▬▬▬▬ ▬▬ ▬▬▬▬ ▬▬▬ ▬▬ ▬▬▬▬ ▬▬ ▬▬▬ ▬▬▬▬ ▬▬ ▬▬▬▬ ▬▬▬ ▬▬ ▬▬▬▬ ▬▬ ▬▬▬ ▬▬▬▬▬ ▬▬ ▬▬▬ ▬▬▬▬ ▬▬ ▬▬▬▬ ▬▬▬ ▬▬ ▬▬▬▬ ▬▬ ▬▬▬ ▬▬▬▬ ▬▬ ▬▬▬▬ ▬▬▬ ▬▬ ▬▬▬▬ ▬▬ ▬▬▬ ▬▬▬▬▬ ▬▬ ▬▬▬ ▬▬▬▬ ▬▬ ▬▬▬▬ ▬▬▬ ▬▬ ▬▬▬▬ ▬▬ ▬▬▬ ▬▬▬▬ ▬▬ ▬▬▬▬ ▬▬▬ ▬▬ ▬▬▬▬ ▬▬ ▬▬▬ ▬▬▬▬▬ ▬▬ ▬▬▬ ▬▬▬▬ ▬▬ ▬▬▬▬ ▬▬▬ ▬▬ ▬▬▬▬ ▬▬ ▬▬▬ ▬▬▬▬ ▬▬ ▬▬▬▬ ▬▬▬ ▬▬ ▬▬▬▬ ▬▬ ▬▬▬ ▬▬▬▬▬ ▬▬ ▬▬▬ ▬▬▬▬ ▬▬ ▬▬▬▬ ▬▬▬ ▬▬ ▬▬▬▬ ▬▬ ▬▬▬ ▬▬▬▬ ▬▬ ▬▬▬▬ ▬▬▬ ▬▬ ▬▬▬▬ ▬▬ ▬▬▬ ▬▬▬▬▬ ▬▬ ▬▬▬ ▬▬▬▬ ▬▬ ▬▬▬▬ ▬▬▬ ▬▬ ▬▬▬▬ ▬▬
▬▬▬ ▬▬ ▬▬▬▬ ▬▬ ▬▬▬▬ ▬▬▬ ▬▬ ▬▬▬▬▬ ▬▬ ▬▬▬ ▬▬▬▬ ▬▬ ▬▬▬ ▬▬▬▬ ▬▬ ▬▬▬▬▬ ▬▬ ▬▬▬ ▬▬▬▬ ▬▬▬ ▬▬ ▬▬▬▬ ▬▬ ▬▬▬ ▬▬▬▬▬ ▬▬ ▬▬▬ ▬▬▬▬ ▬▬ ▬▬▬▬ ▬▬▬ ▬▬ ▬▬▬▬ ▬▬ ▬▬▬ ▬▬▬▬ ▬▬ ▬▬▬▬ ▬▬▬ ▬▬ ▬▬▬▬ ▬▬ ▬▬▬ ▬▬▬▬▬ ▬▬ ▬▬▬ ▬▬▬▬ ▬▬
▬▬▬ ▬▬ ▬▬▬▬ ▬▬ ▬▬▬▬ ▬▬▬ ▬▬ ▬▬▬▬▬ ▬▬ ▬▬▬ ▬▬▬▬ ▬▬ ▬▬▬ ▬▬▬▬ ▬▬ ▬▬▬▬▬ ▬▬ ▬▬▬ ▬▬▬▬ ▬▬▬ ▬▬ ▬▬▬▬ ▬▬ ▬▬▬ ▬▬▬▬▬ ▬▬ ▬▬▬ ▬▬▬▬ ▬▬ ▬▬▬▬ ▬▬▬ ▬▬ ▬▬▬▬ ▬▬ ▬▬▬ ▬▬▬▬ ▬▬ ▬▬▬▬ ▬▬▬ ▬▬ ▬▬▬▬ ▬▬ ▬▬▬ ▬▬▬▬▬ ▬▬ ▬▬▬ ▬▬▬▬ ▬▬
